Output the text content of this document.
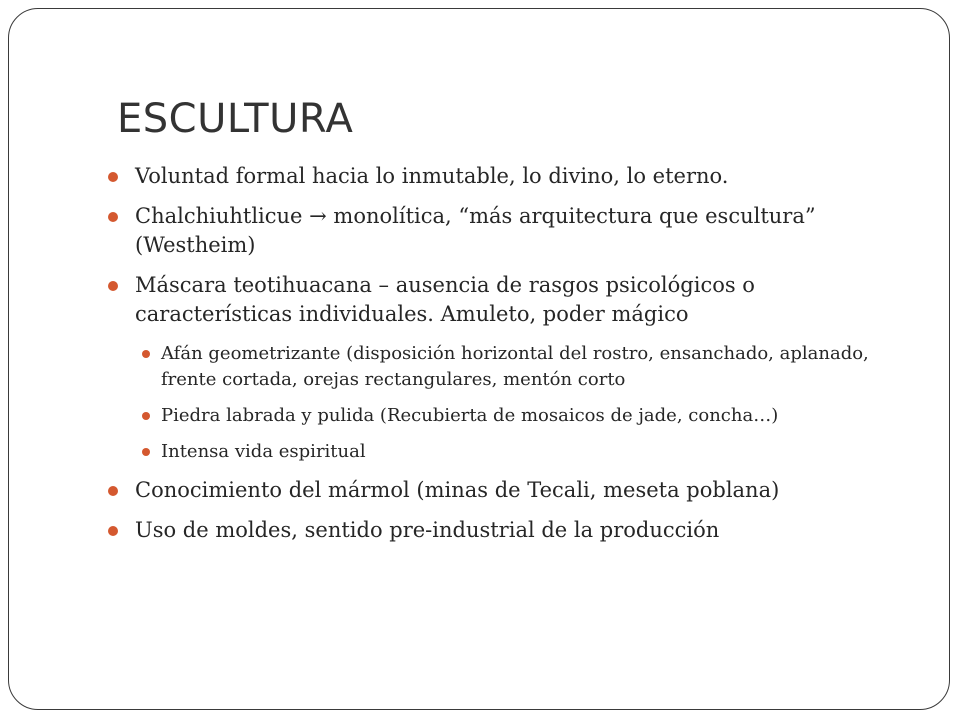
ESCULTURA
Voluntad formal hacia lo inmutable, lo divino, lo eterno.
Chalchiuhtlicue → monolítica, “más arquitectura que escultura” (Westheim)
Máscara teotihuacana – ausencia de rasgos psicológicos o características individuales. Amuleto, poder mágico
Afán geometrizante (disposición horizontal del rostro, ensanchado, aplanado, frente cortada, orejas rectangulares, mentón corto
Piedra labrada y pulida (Recubierta de mosaicos de jade, concha…)
Intensa vida espiritual
Conocimiento del mármol (minas de Tecali, meseta poblana)
Uso de moldes, sentido pre-industrial de la producción
